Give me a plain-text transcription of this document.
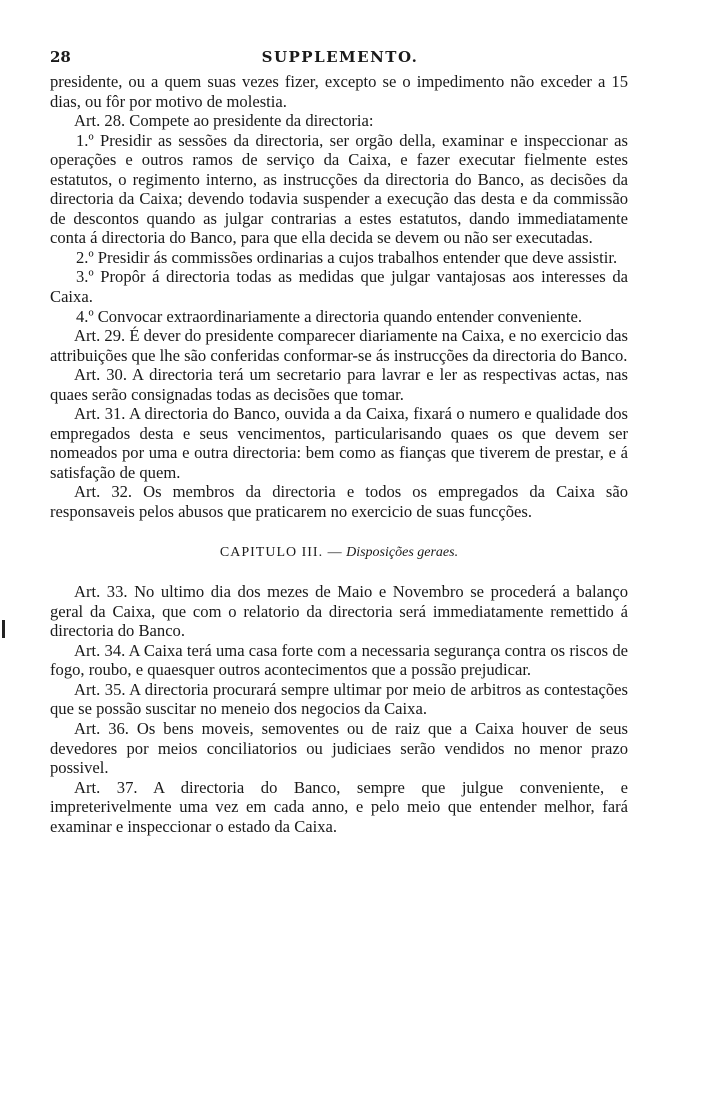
28	SUPPLEMENTO.

presidente, ou a quem suas vezes fizer, excepto se o impedimento não exceder a 15 dias, ou fôr por motivo de molestia.

Art. 28. Compete ao presidente da directoria:

1.º Presidir as sessões da directoria, ser orgão della, examinar e inspeccionar as operações e outros ramos de serviço da Caixa, e fazer executar fielmente estes estatutos, o regimento interno, as instrucções da directoria do Banco, as decisões da directoria da Caixa; devendo todavia suspender a execução das desta e da commissão de descontos quando as julgar contrarias a estes estatutos, dando immediatamente conta á directoria do Banco, para que ella decida se devem ou não ser executadas.

2.º Presidir ás commissões ordinarias a cujos trabalhos entender que deve assistir.

3.º Propôr á directoria todas as medidas que julgar vantajosas aos interesses da Caixa.

4.º Convocar extraordinariamente a directoria quando entender conveniente.

Art. 29. É dever do presidente comparecer diariamente na Caixa, e no exercicio das attribuições que lhe são conferidas conformar-se ás instrucções da directoria do Banco.

Art. 30. A directoria terá um secretario para lavrar e ler as respectivas actas, nas quaes serão consignadas todas as decisões que tomar.

Art. 31. A directoria do Banco, ouvida a da Caixa, fixará o numero e qualidade dos empregados desta e seus vencimentos, particularisando quaes os que devem ser nomeados por uma e outra directoria: bem como as fianças que tiverem de prestar, e á satisfação de quem.

Art. 32. Os membros da directoria e todos os empregados da Caixa são responsaveis pelos abusos que praticarem no exercicio de suas funcções.

CAPITULO III. — Disposições geraes.

Art. 33. No ultimo dia dos mezes de Maio e Novembro se procederá a balanço geral da Caixa, que com o relatorio da directoria será immediatamente remettido á directoria do Banco.

Art. 34. A Caixa terá uma casa forte com a necessaria segurança contra os riscos de fogo, roubo, e quaesquer outros acontecimentos que a possão prejudicar.

Art. 35. A directoria procurará sempre ultimar por meio de arbitros as contestações que se possão suscitar no meneio dos negocios da Caixa.

Art. 36. Os bens moveis, semoventes ou de raiz que a Caixa houver de seus devedores por meios conciliatorios ou judiciaes serão vendidos no menor prazo possivel.

Art. 37. A directoria do Banco, sempre que julgue conveniente, e impreterivelmente uma vez em cada anno, e pelo meio que entender melhor, fará examinar e inspeccionar o estado da Caixa.
